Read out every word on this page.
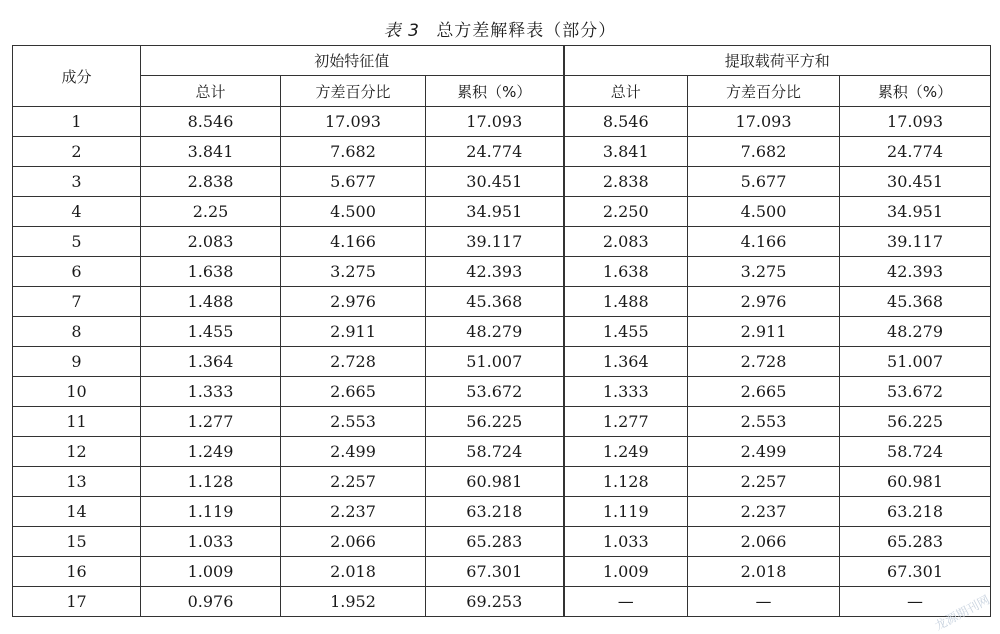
表 3 总方差解释表（部分）
成分	初始特征值			提取载荷平方和		
	总计	方差百分比	累积（%）	总计	方差百分比	累积（%）
1	8.546	17.093	17.093	8.546	17.093	17.093
2	3.841	7.682	24.774	3.841	7.682	24.774
3	2.838	5.677	30.451	2.838	5.677	30.451
4	2.25	4.500	34.951	2.250	4.500	34.951
5	2.083	4.166	39.117	2.083	4.166	39.117
6	1.638	3.275	42.393	1.638	3.275	42.393
7	1.488	2.976	45.368	1.488	2.976	45.368
8	1.455	2.911	48.279	1.455	2.911	48.279
9	1.364	2.728	51.007	1.364	2.728	51.007
10	1.333	2.665	53.672	1.333	2.665	53.672
11	1.277	2.553	56.225	1.277	2.553	56.225
12	1.249	2.499	58.724	1.249	2.499	58.724
13	1.128	2.257	60.981	1.128	2.257	60.981
14	1.119	2.237	63.218	1.119	2.237	63.218
15	1.033	2.066	65.283	1.033	2.066	65.283
16	1.009	2.018	67.301	1.009	2.018	67.301
17	0.976	1.952	69.253	—	—	— 龙源期刊网
